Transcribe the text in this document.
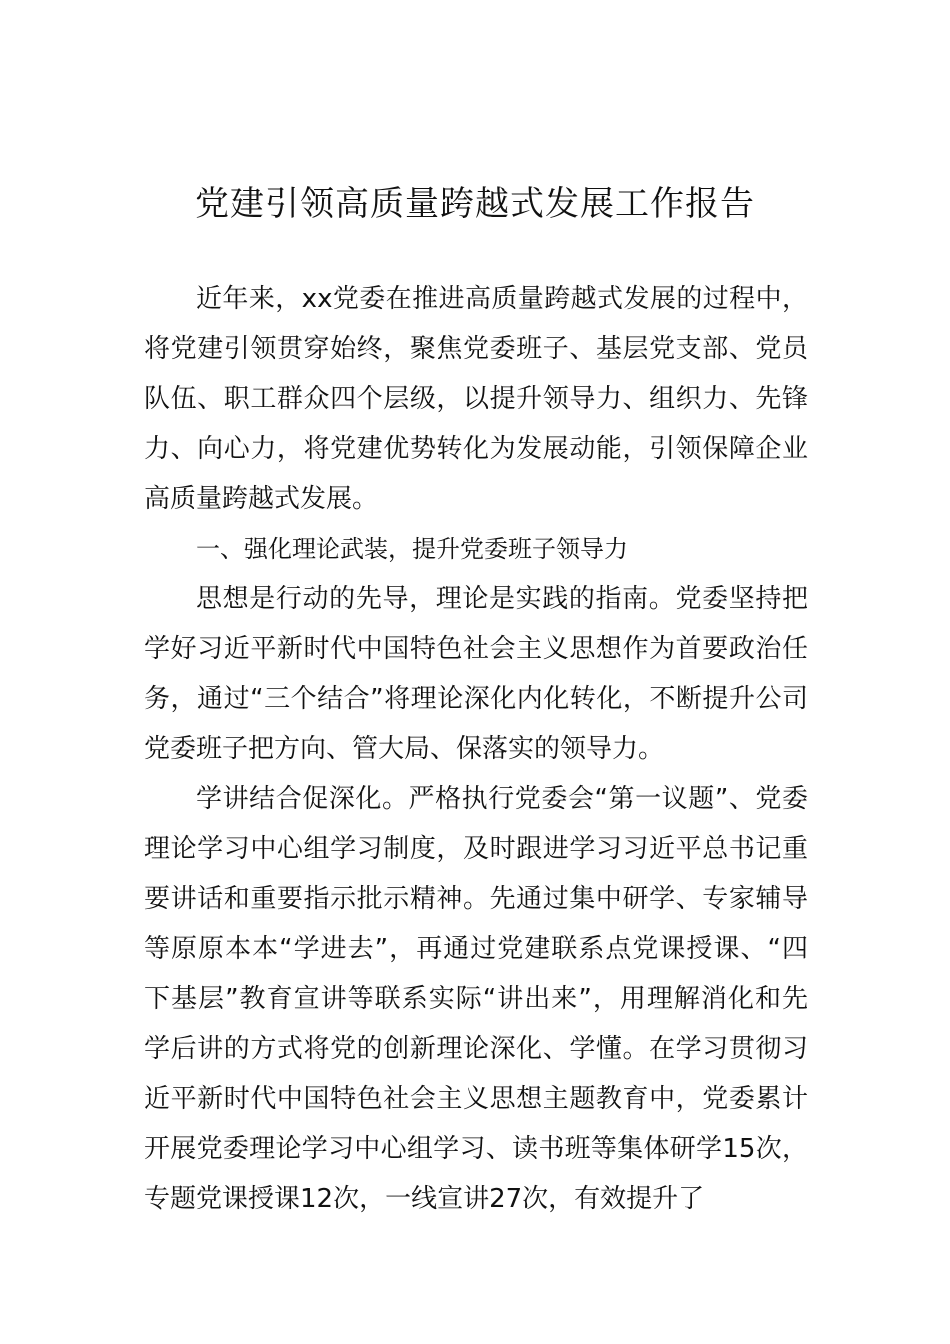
党建引领高质量跨越式发展工作报告

近年来，xx党委在推进高质量跨越式发展的过程中，将党建引领贯穿始终，聚焦党委班子、基层党支部、党员队伍、职工群众四个层级，以提升领导力、组织力、先锋力、向心力，将党建优势转化为发展动能，引领保障企业高质量跨越式发展。

一、强化理论武装，提升党委班子领导力

思想是行动的先导，理论是实践的指南。党委坚持把学好习近平新时代中国特色社会主义思想作为首要政治任务，通过“三个结合”将理论深化内化转化，不断提升公司党委班子把方向、管大局、保落实的领导力。

学讲结合促深化。严格执行党委会“第一议题”、党委理论学习中心组学习制度，及时跟进学习习近平总书记重要讲话和重要指示批示精神。先通过集中研学、专家辅导等原原本本“学进去”，再通过党建联系点党课授课、“四下基层”教育宣讲等联系实际“讲出来”，用理解消化和先学后讲的方式将党的创新理论深化、学懂。在学习贯彻习近平新时代中国特色社会主义思想主题教育中，党委累计开展党委理论学习中心组学习、读书班等集体研学15次，专题党课授课12次，一线宣讲27次，有效提升了
